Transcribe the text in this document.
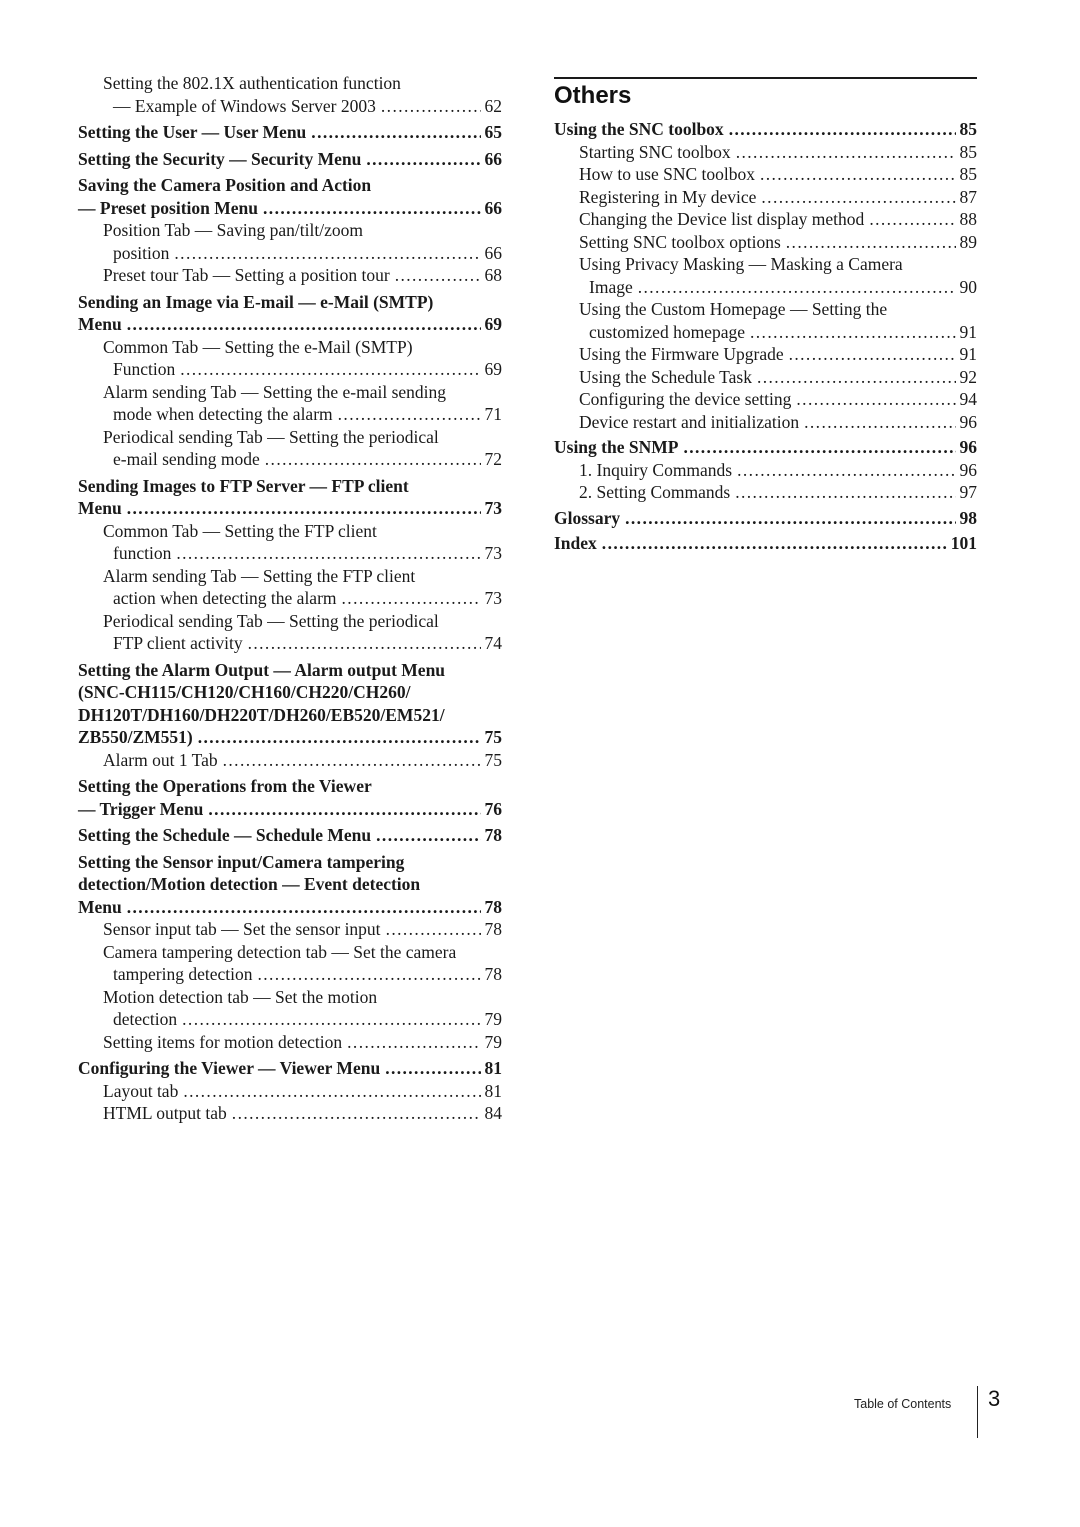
Setting the 802.1X authentication function
— Example of Windows Server 2003 .....	62
Setting the User — User Menu .....	65
Setting the Security — Security Menu .....	66
Saving the Camera Position and Action
— Preset position Menu .....	66
Position Tab — Saving pan/tilt/zoom
position .....	66
Preset tour Tab — Setting a position tour .....	68
Sending an Image via E-mail — e-Mail (SMTP)
Menu .....	69
Common Tab — Setting the e-Mail (SMTP)
Function .....	69
Alarm sending Tab — Setting the e-mail sending
mode when detecting the alarm .....	71
Periodical sending Tab — Setting the periodical
e-mail sending mode .....	72
Sending Images to FTP Server — FTP client
Menu .....	73
Common Tab — Setting the FTP client
function .....	73
Alarm sending Tab — Setting the FTP client
action when detecting the alarm .....	73
Periodical sending Tab — Setting the periodical
FTP client activity .....	74
Setting the Alarm Output — Alarm output Menu
(SNC-CH115/CH120/CH160/CH220/CH260/
DH120T/DH160/DH220T/DH260/EB520/EM521/
ZB550/ZM551) .....	75
Alarm out 1 Tab .....	75
Setting the Operations from the Viewer
— Trigger Menu .....	76
Setting the Schedule — Schedule Menu .....	78
Setting the Sensor input/Camera tampering
detection/Motion detection — Event detection
Menu .....	78
Sensor input tab — Set the sensor input .....	78
Camera tampering detection tab — Set the camera
tampering detection .....	78
Motion detection tab — Set the motion
detection .....	79
Setting items for motion detection .....	79
Configuring the Viewer — Viewer Menu .....	81
Layout tab .....	81
HTML output tab .....	84
Others
Using the SNC toolbox .....	85
Starting SNC toolbox .....	85
How to use SNC toolbox .....	85
Registering in My device .....	87
Changing the Device list display method .....	88
Setting SNC toolbox options .....	89
Using Privacy Masking — Masking a Camera
Image .....	90
Using the Custom Homepage — Setting the
customized homepage .....	91
Using the Firmware Upgrade .....	91
Using the Schedule Task .....	92
Configuring the device setting .....	94
Device restart and initialization .....	96
Using the SNMP .....	96
1. Inquiry Commands .....	96
2. Setting Commands .....	97
Glossary .....	98
Index .....	101
Table of Contents 3
